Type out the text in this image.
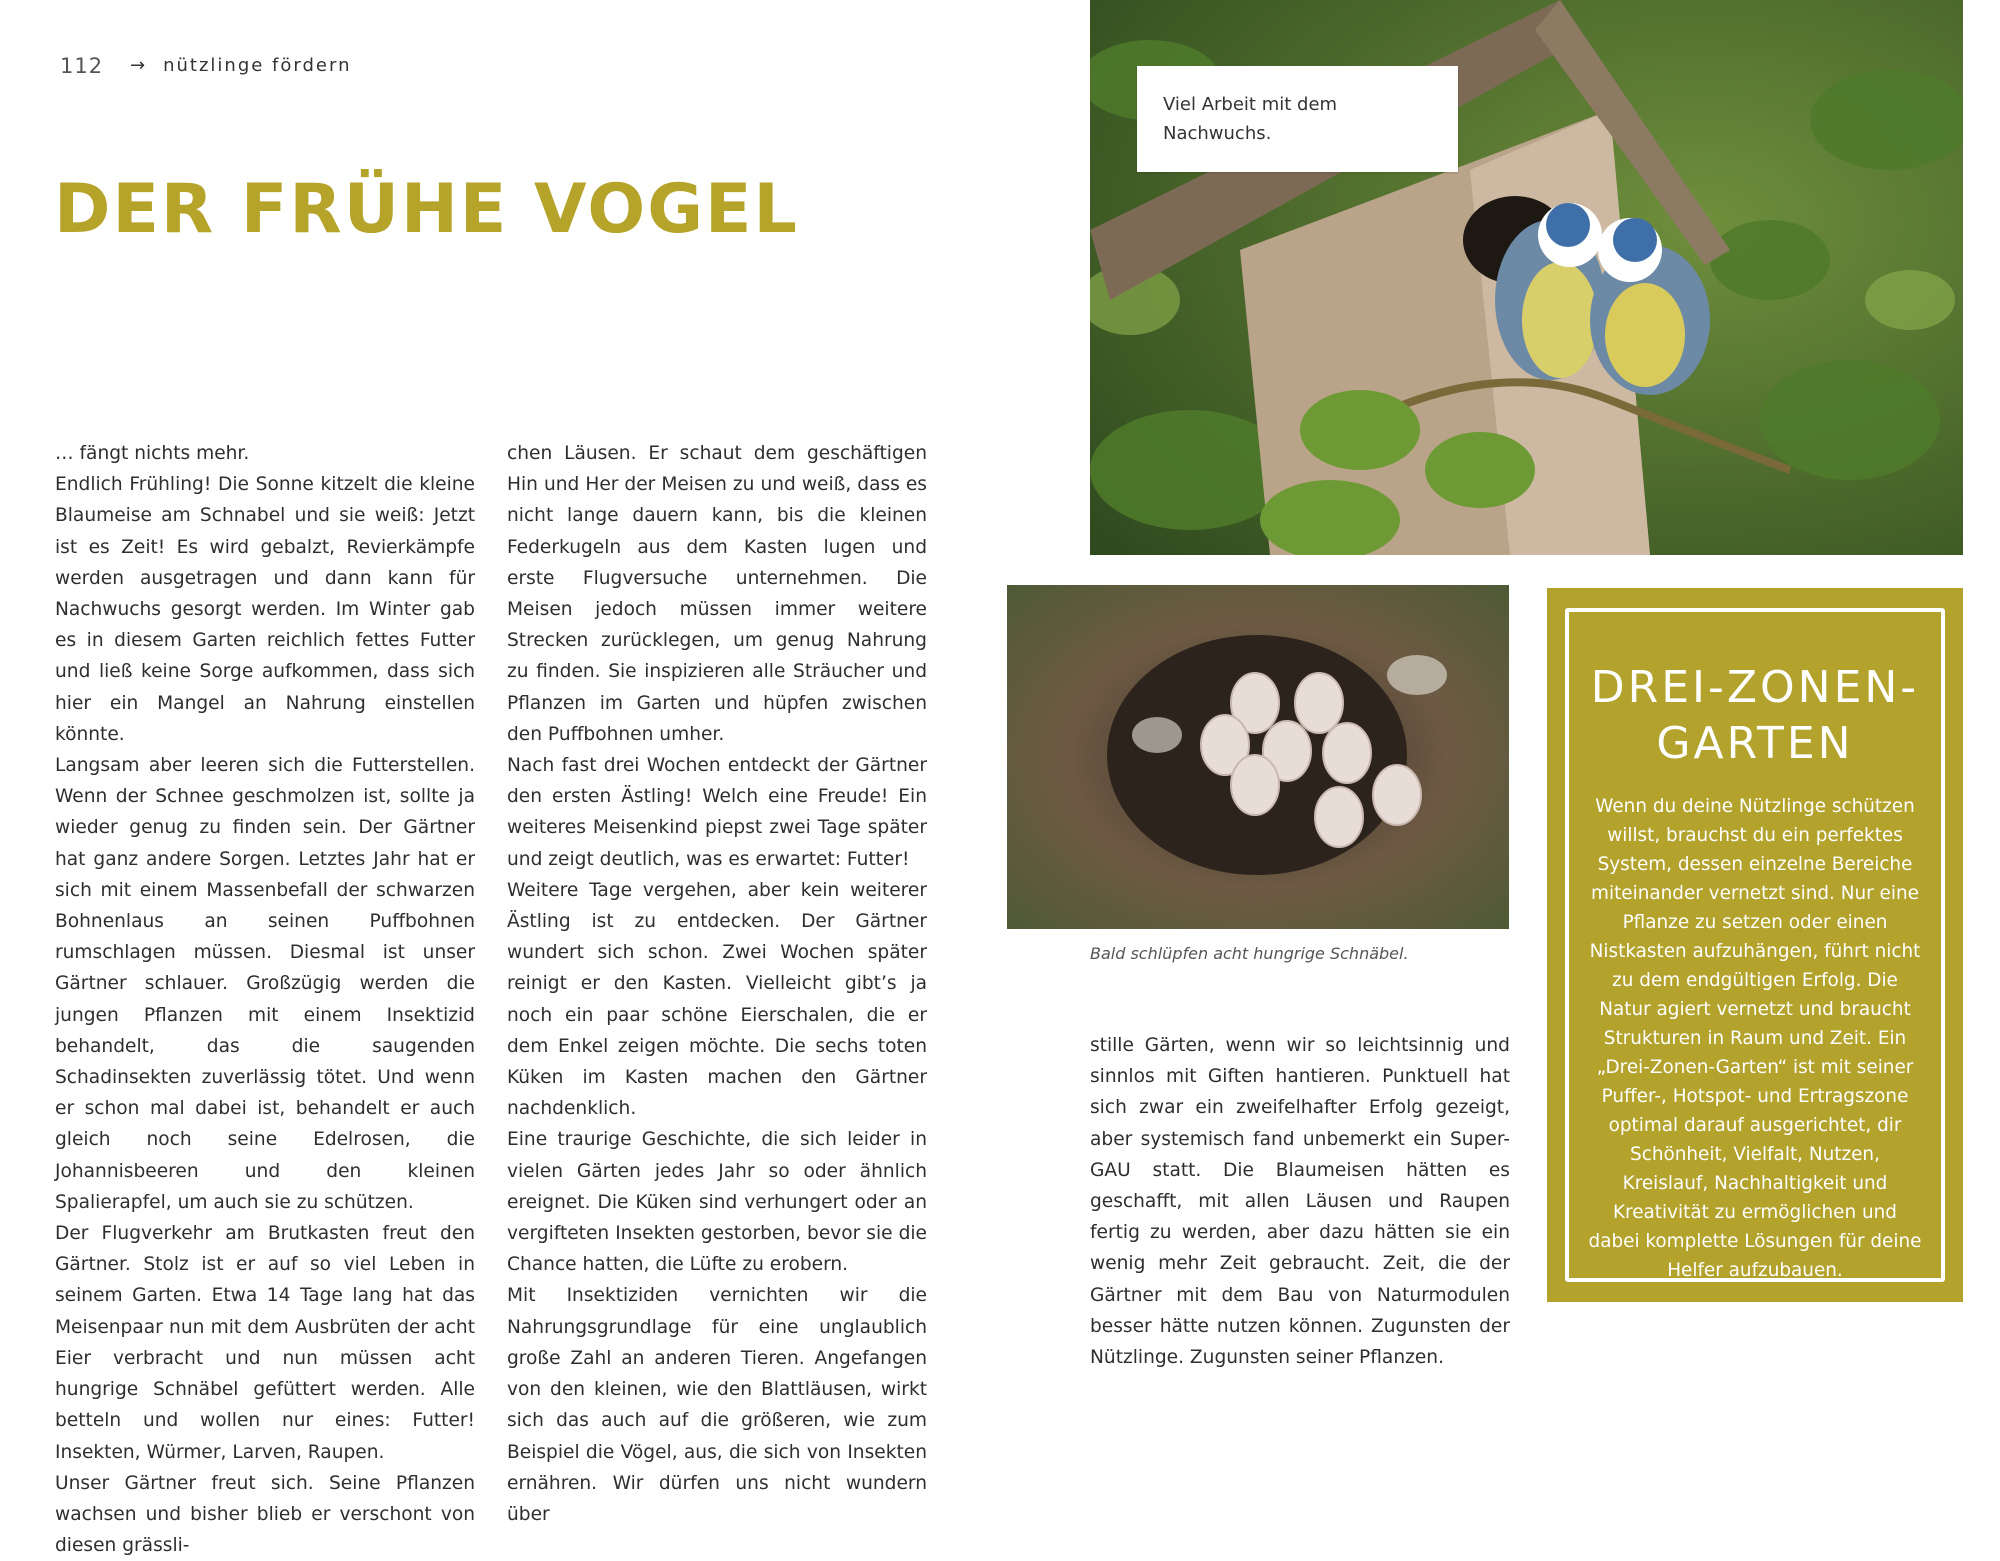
112 → nützlinge fördern
DER FRÜHE VOGEL

… fängt nichts mehr.

Endlich Frühling! Die Sonne kitzelt die kleine Blaumeise am Schnabel und sie weiß: Jetzt ist es Zeit! Es wird gebalzt, Revierkämpfe werden ausgetragen und dann kann für Nachwuchs gesorgt werden. Im Winter gab es in diesem Garten reichlich fettes Futter und ließ keine Sorge aufkommen, dass sich hier ein Mangel an Nahrung einstellen könnte.

Langsam aber leeren sich die Futterstellen. Wenn der Schnee geschmolzen ist, sollte ja wieder genug zu finden sein. Der Gärtner hat ganz andere Sorgen. Letztes Jahr hat er sich mit einem Massenbefall der schwarzen Bohnenlaus an seinen Puffbohnen rumschlagen müssen. Diesmal ist unser Gärtner schlauer. Großzügig werden die jungen Pflanzen mit einem Insektizid behandelt, das die saugenden Schadinsekten zuverlässig tötet. Und wenn er schon mal dabei ist, behandelt er auch gleich noch seine Edelrosen, die Johannisbeeren und den kleinen Spalierapfel, um auch sie zu schützen.

Der Flugverkehr am Brutkasten freut den Gärtner. Stolz ist er auf so viel Leben in seinem Garten. Etwa 14 Tage lang hat das Meisenpaar nun mit dem Ausbrüten der acht Eier verbracht und nun müssen acht hungrige Schnäbel gefüttert werden. Alle betteln und wollen nur eines: Futter! Insekten, Würmer, Larven, Raupen.

Unser Gärtner freut sich. Seine Pflanzen wachsen und bisher blieb er verschont von diesen grässli-

chen Läusen. Er schaut dem geschäftigen Hin und Her der Meisen zu und weiß, dass es nicht lange dauern kann, bis die kleinen Federkugeln aus dem Kasten lugen und erste Flugversuche unternehmen. Die Meisen jedoch müssen immer weitere Strecken zurücklegen, um genug Nahrung zu finden. Sie inspizieren alle Sträucher und Pflanzen im Garten und hüpfen zwischen den Puffbohnen umher.

Nach fast drei Wochen entdeckt der Gärtner den ersten Ästling! Welch eine Freude! Ein weiteres Meisenkind piepst zwei Tage später und zeigt deutlich, was es erwartet: Futter!

Weitere Tage vergehen, aber kein weiterer Ästling ist zu entdecken. Der Gärtner wundert sich schon. Zwei Wochen später reinigt er den Kasten. Vielleicht gibt’s ja noch ein paar schöne Eierschalen, die er dem Enkel zeigen möchte. Die sechs toten Küken im Kasten machen den Gärtner nachdenklich.

Eine traurige Geschichte, die sich leider in vielen Gärten jedes Jahr so oder ähnlich ereignet. Die Küken sind verhungert oder an vergifteten Insekten gestorben, bevor sie die Chance hatten, die Lüfte zu erobern.

Mit Insektiziden vernichten wir die Nahrungsgrundlage für eine unglaublich große Zahl an anderen Tieren. Angefangen von den kleinen, wie den Blattläusen, wirkt sich das auch auf die größeren, wie zum Beispiel die Vögel, aus, die sich von Insekten ernähren. Wir dürfen uns nicht wundern über

stille Gärten, wenn wir so leichtsinnig und sinnlos mit Giften hantieren. Punktuell hat sich zwar ein zweifelhafter Erfolg gezeigt, aber systemisch fand unbemerkt ein Super-GAU statt. Die Blaumeisen hätten es geschafft, mit allen Läusen und Raupen fertig zu werden, aber dazu hätten sie ein wenig mehr Zeit gebraucht. Zeit, die der Gärtner mit dem Bau von Naturmodulen besser hätte nutzen können. Zugunsten der Nützlinge. Zugunsten seiner Pflanzen.

Viel Arbeit mit dem Nachwuchs.
Bald schlüpfen acht hungrige Schnäbel.
DREI-ZONEN-
GARTEN
Wenn du deine Nützlinge schützen willst, brauchst du ein perfektes System, dessen einzelne Bereiche miteinander vernetzt sind. Nur eine Pflanze zu setzen oder einen Nistkasten aufzuhängen, führt nicht zu dem endgültigen Erfolg. Die Natur agiert vernetzt und braucht Strukturen in Raum und Zeit. Ein „Drei-Zonen-Garten“ ist mit seiner Puffer-, Hotspot- und Ertragszone optimal darauf ausgerichtet, dir Schönheit, Vielfalt, Nutzen, Kreislauf, Nachhaltigkeit und Kreativität zu ermöglichen und dabei komplette Lösungen für deine Helfer aufzubauen.
